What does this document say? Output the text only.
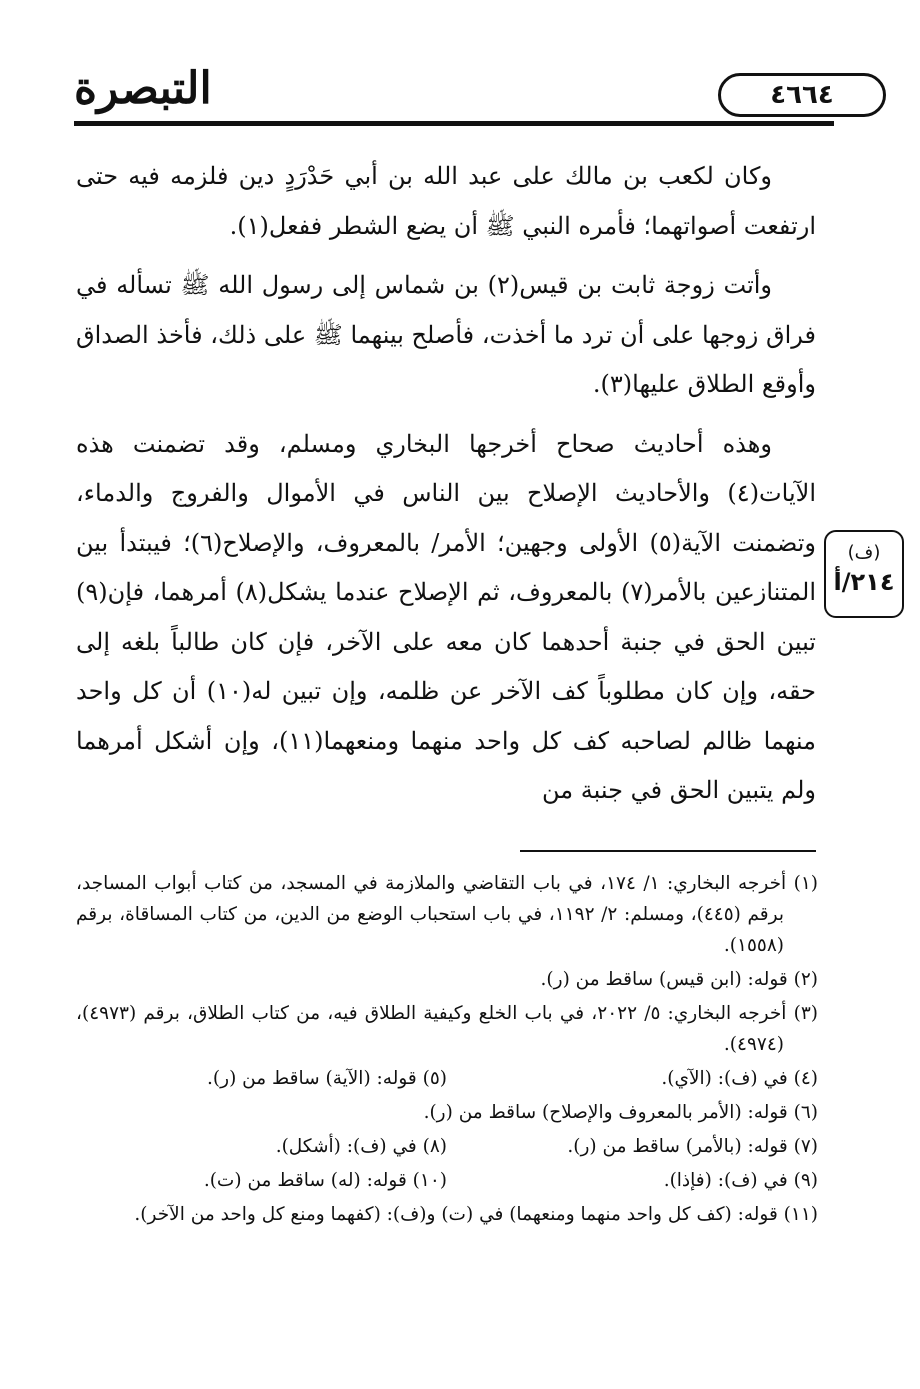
التبصرة	٤٦٦٤
(ف)
٢١٤/أ

وكان لكعب بن مالك على عبد الله بن أبي حَدْرَدٍ دين فلزمه فيه حتى ارتفعت أصواتهما؛ فأمره النبي ﷺ أن يضع الشطر ففعل(١).

وأتت زوجة ثابت بن قيس(٢) بن شماس إلى رسول الله ﷺ تسأله في فراق زوجها على أن ترد ما أخذت، فأصلح بينهما ﷺ على ذلك، فأخذ الصداق وأوقع الطلاق عليها(٣).

وهذه أحاديث صحاح أخرجها البخاري ومسلم، وقد تضمنت هذه الآيات(٤) والأحاديث الإصلاح بين الناس في الأموال والفروج والدماء، وتضمنت الآية(٥) الأولى وجهين؛ الأمر/ بالمعروف، والإصلاح(٦)؛ فيبتدأ بين المتنازعين بالأمر(٧) بالمعروف، ثم الإصلاح عندما يشكل(٨) أمرهما، فإن(٩) تبين الحق في جنبة أحدهما كان معه على الآخر، فإن كان طالباً بلغه إلى حقه، وإن كان مطلوباً كف الآخر عن ظلمه، وإن تبين له(١٠) أن كل واحد منهما ظالم لصاحبه كف كل واحد منهما ومنعهما(١١)، وإن أشكل أمرهما ولم يتبين الحق في جنبة من

(١) أخرجه البخاري: ١/ ١٧٤، في باب التقاضي والملازمة في المسجد، من كتاب أبواب المساجد، برقم (٤٤٥)، ومسلم: ٢/ ١١٩٢، في باب استحباب الوضع من الدين، من كتاب المساقاة، برقم (١٥٥٨).
(٢) قوله: (ابن قيس) ساقط من (ر).
(٣) أخرجه البخاري: ٥/ ٢٠٢٢، في باب الخلع وكيفية الطلاق فيه، من كتاب الطلاق، برقم (٤٩٧٣)، (٤٩٧٤).
(٤) في (ف): (الآي).
(٥) قوله: (الآية) ساقط من (ر).
(٦) قوله: (الأمر بالمعروف والإصلاح) ساقط من (ر).
(٧) قوله: (بالأمر) ساقط من (ر).
(٨) في (ف): (أشكل).
(٩) في (ف): (فإذا).
(١٠) قوله: (له) ساقط من (ت).
(١١) قوله: (كف كل واحد منهما ومنعهما) في (ت) و(ف): (كفهما ومنع كل واحد من الآخر).
